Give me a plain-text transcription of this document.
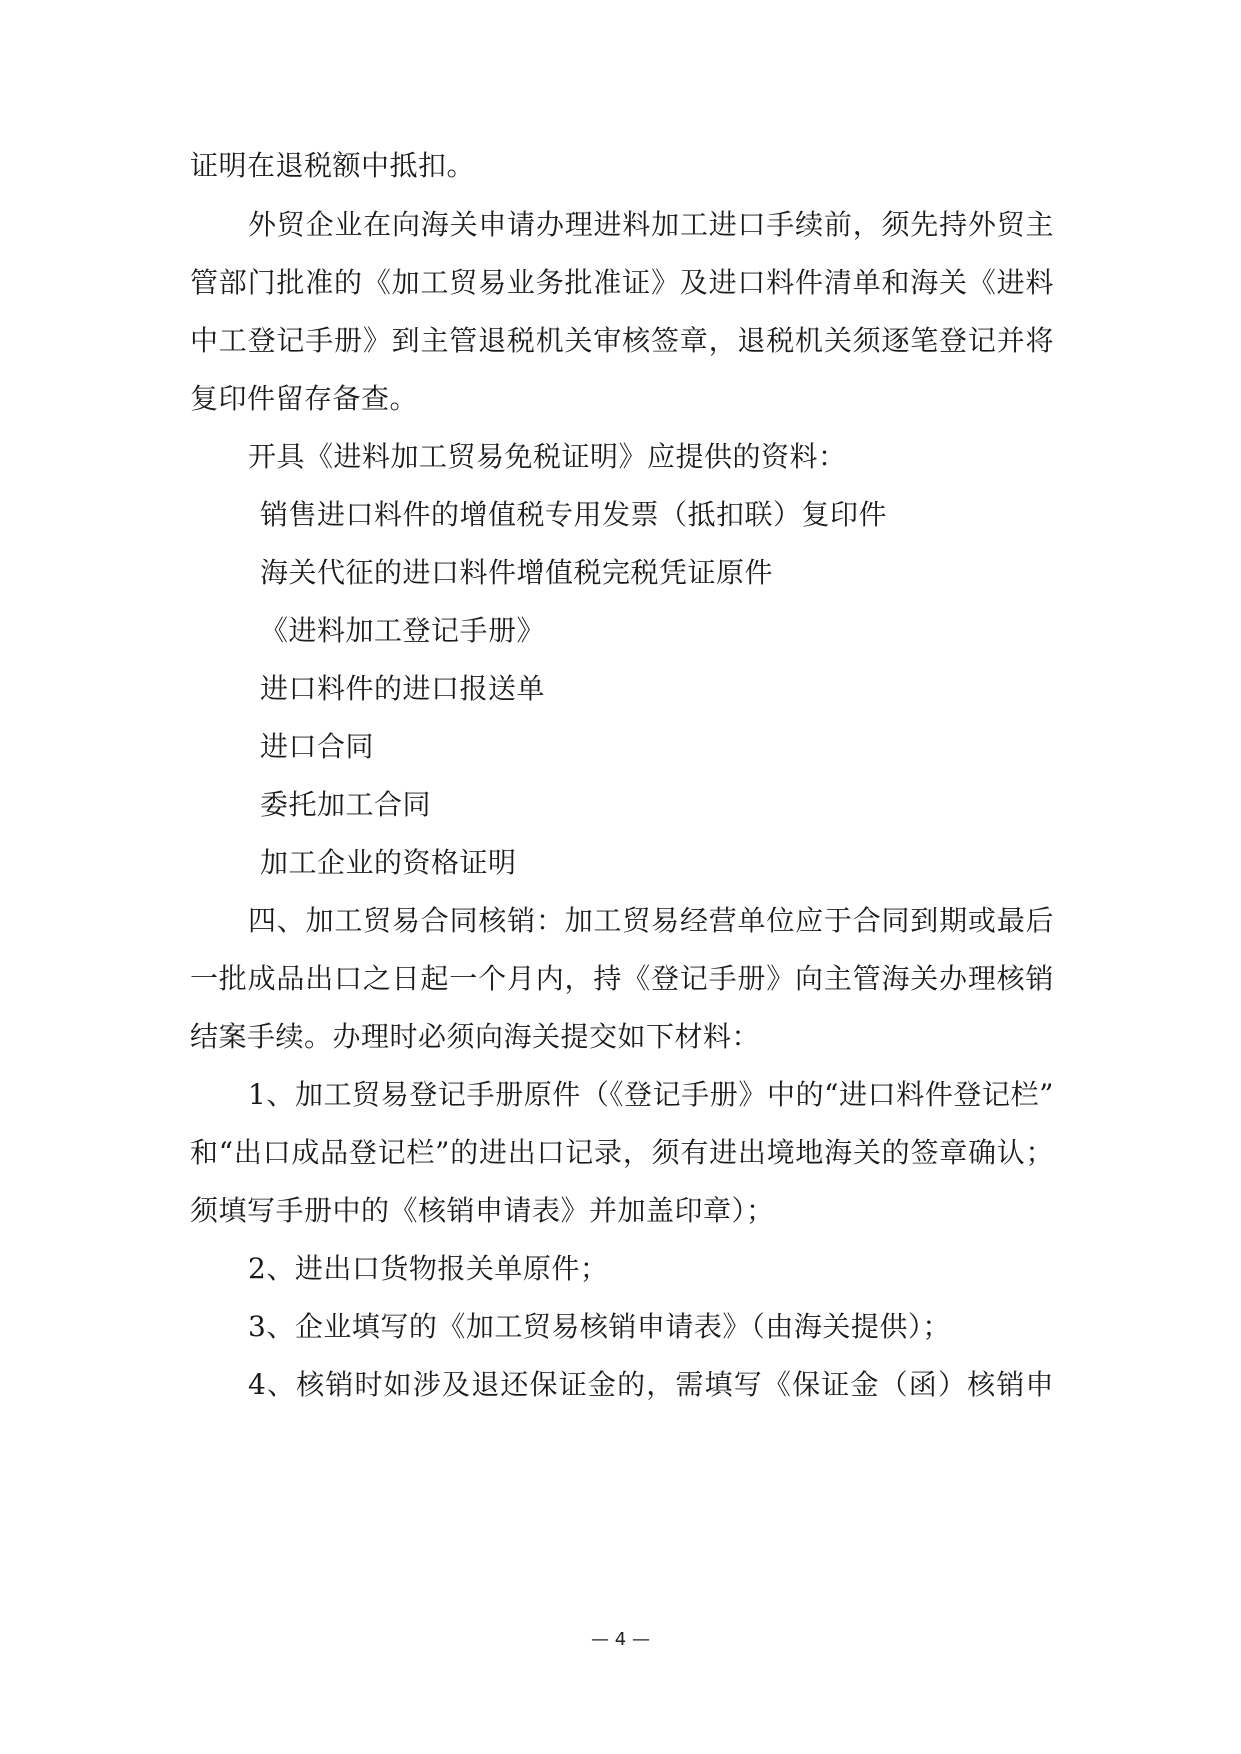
证明在退税额中抵扣。
外贸企业在向海关申请办理进料加工进口手续前，须先持外贸主
管部门批准的《加工贸易业务批准证》及进口料件清单和海关《进料
中工登记手册》到主管退税机关审核签章，退税机关须逐笔登记并将
复印件留存备查。
开具《进料加工贸易免税证明》应提供的资料：
销售进口料件的增值税专用发票（抵扣联）复印件
海关代征的进口料件增值税完税凭证原件
《进料加工登记手册》
进口料件的进口报送单
进口合同
委托加工合同
加工企业的资格证明
四、加工贸易合同核销：加工贸易经营单位应于合同到期或最后
一批成品出口之日起一个月内，持《登记手册》向主管海关办理核销
结案手续。办理时必须向海关提交如下材料：
1、加工贸易登记手册原件（《登记手册》中的“进口料件登记栏”
和“出口成品登记栏”的进出口记录，须有进出境地海关的签章确认；
须填写手册中的《核销申请表》并加盖印章）；
2、进出口货物报关单原件；
3、企业填写的《加工贸易核销申请表》（由海关提供）；
4、核销时如涉及退还保证金的，需填写《保证金（函）核销申
— 4 —
